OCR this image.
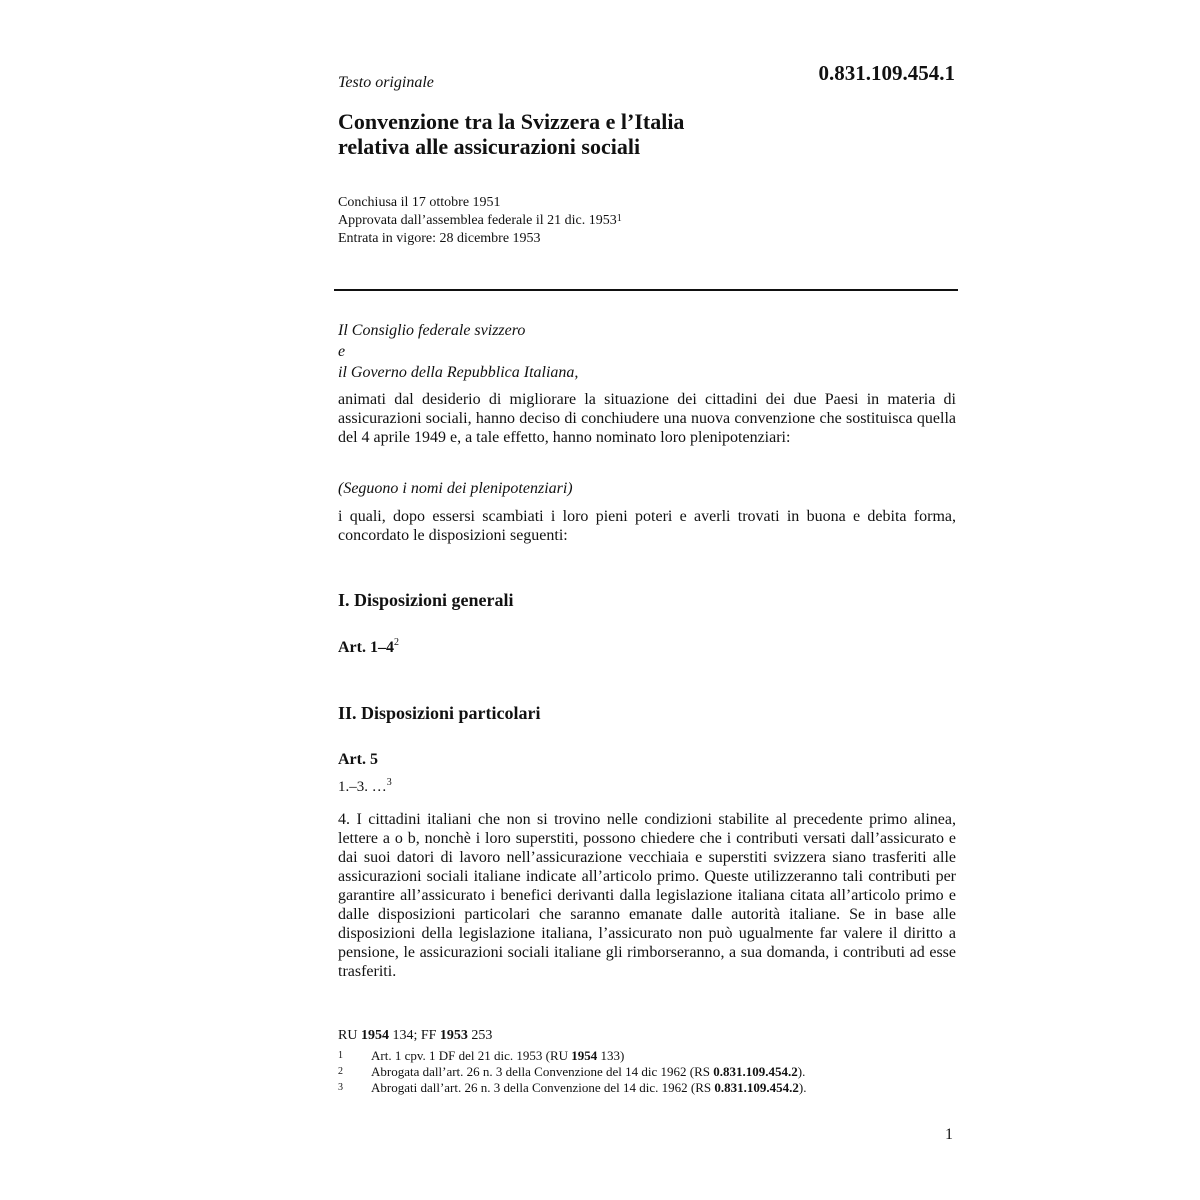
Testo originale	0.831.109.454.1
Convenzione tra la Svizzera e l’Italia
relativa alle assicurazioni sociali
Conchiusa il 17 ottobre 1951
Approvata dall’assemblea federale il 21 dic. 1953$^1$
Entrata in vigore: 28 dicembre 1953
Il Consiglio federale svizzero
e
il Governo della Repubblica Italiana,
animati dal desiderio di migliorare la situazione dei cittadini dei due Paesi in materia di assicurazioni sociali, hanno deciso di conchiudere una nuova convenzione che sostituisca quella del 4 aprile 1949 e, a tale effetto, hanno nominato loro plenipotenziari:
(Seguono i nomi dei plenipotenziari)
i quali, dopo essersi scambiati i loro pieni poteri e averli trovati in buona e debita forma, concordato le disposizioni seguenti:
I. Disposizioni generali
Art. $1-4^2$
II. Disposizioni particolari
Art. 5
1.–3. …$^3$
4. I cittadini italiani che non si trovino nelle condizioni stabilite al precedente primo alinea, lettere a o b, nonchè i loro superstiti, possono chiedere che i contributi versati dall’assicurato e dai suoi datori di lavoro nell’assicurazione vecchiaia e superstiti svizzera siano trasferiti alle assicurazioni sociali italiane indicate all’articolo primo. Queste utilizzeranno tali contributi per garantire all’assicurato i benefici derivanti dalla legislazione italiana citata all’articolo primo e dalle disposizioni particolari che saranno emanate dalle autorità italiane. Se in base alle disposizioni della legislazione italiana, l’assicurato non può ugualmente far valere il diritto a pensione, le assicurazioni sociali italiane gli rimborseranno, a sua domanda, i contributi ad esse trasferiti.
RU 1954 134; FF 1953 253
1 Art. 1 cpv. 1 DF del 21 dic. 1953 (RU 1954 133)
2 Abrogata dall’art. 26 n. 3 della Convenzione del 14 dic 1962 (RS 0.831.109.454.2).
3 Abrogati dall’art. 26 n. 3 della Convenzione del 14 dic. 1962 (RS 0.831.109.454.2).
1
